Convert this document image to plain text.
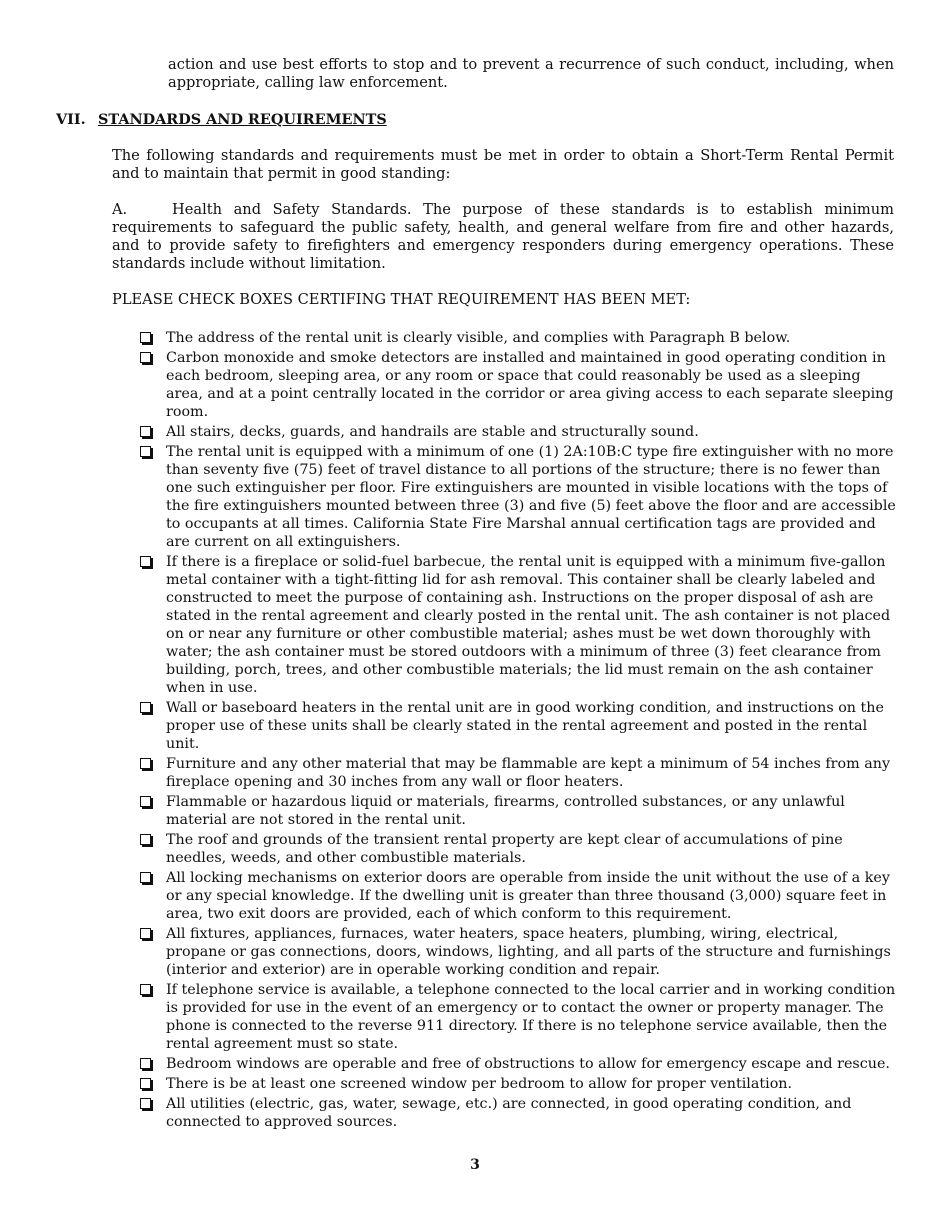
action and use best efforts to stop and to prevent a recurrence of such conduct, including, when appropriate, calling law enforcement.

VII. STANDARDS AND REQUIREMENTS

The following standards and requirements must be met in order to obtain a Short-Term Rental Permit and to maintain that permit in good standing:

A.	Health and Safety Standards. The purpose of these standards is to establish minimum requirements to safeguard the public safety, health, and general welfare from fire and other hazards, and to provide safety to firefighters and emergency responders during emergency operations. These standards include without limitation.

PLEASE CHECK BOXES CERTIFING THAT REQUIREMENT HAS BEEN MET:

The address of the rental unit is clearly visible, and complies with Paragraph B below.
Carbon monoxide and smoke detectors are installed and maintained in good operating condition in each bedroom, sleeping area, or any room or space that could reasonably be used as a sleeping area, and at a point centrally located in the corridor or area giving access to each separate sleeping room.
All stairs, decks, guards, and handrails are stable and structurally sound.
The rental unit is equipped with a minimum of one (1) 2A:10B:C type fire extinguisher with no more than seventy five (75) feet of travel distance to all portions of the structure; there is no fewer than one such extinguisher per floor. Fire extinguishers are mounted in visible locations with the tops of the fire extinguishers mounted between three (3) and five (5) feet above the floor and are accessible to occupants at all times. California State Fire Marshal annual certification tags are provided and are current on all extinguishers.
If there is a fireplace or solid-fuel barbecue, the rental unit is equipped with a minimum five-gallon metal container with a tight-fitting lid for ash removal. This container shall be clearly labeled and constructed to meet the purpose of containing ash. Instructions on the proper disposal of ash are stated in the rental agreement and clearly posted in the rental unit. The ash container is not placed on or near any furniture or other combustible material; ashes must be wet down thoroughly with water; the ash container must be stored outdoors with a minimum of three (3) feet clearance from building, porch, trees, and other combustible materials; the lid must remain on the ash container when in use.
Wall or baseboard heaters in the rental unit are in good working condition, and instructions on the proper use of these units shall be clearly stated in the rental agreement and posted in the rental unit.
Furniture and any other material that may be flammable are kept a minimum of 54 inches from any fireplace opening and 30 inches from any wall or floor heaters.
Flammable or hazardous liquid or materials, firearms, controlled substances, or any unlawful material are not stored in the rental unit.
The roof and grounds of the transient rental property are kept clear of accumulations of pine needles, weeds, and other combustible materials.
All locking mechanisms on exterior doors are operable from inside the unit without the use of a key or any special knowledge. If the dwelling unit is greater than three thousand (3,000) square feet in area, two exit doors are provided, each of which conform to this requirement.
All fixtures, appliances, furnaces, water heaters, space heaters, plumbing, wiring, electrical, propane or gas connections, doors, windows, lighting, and all parts of the structure and furnishings (interior and exterior) are in operable working condition and repair.
If telephone service is available, a telephone connected to the local carrier and in working condition is provided for use in the event of an emergency or to contact the owner or property manager. The phone is connected to the reverse 911 directory. If there is no telephone service available, then the rental agreement must so state.
Bedroom windows are operable and free of obstructions to allow for emergency escape and rescue.
There is be at least one screened window per bedroom to allow for proper ventilation.
All utilities (electric, gas, water, sewage, etc.) are connected, in good operating condition, and connected to approved sources.
3
